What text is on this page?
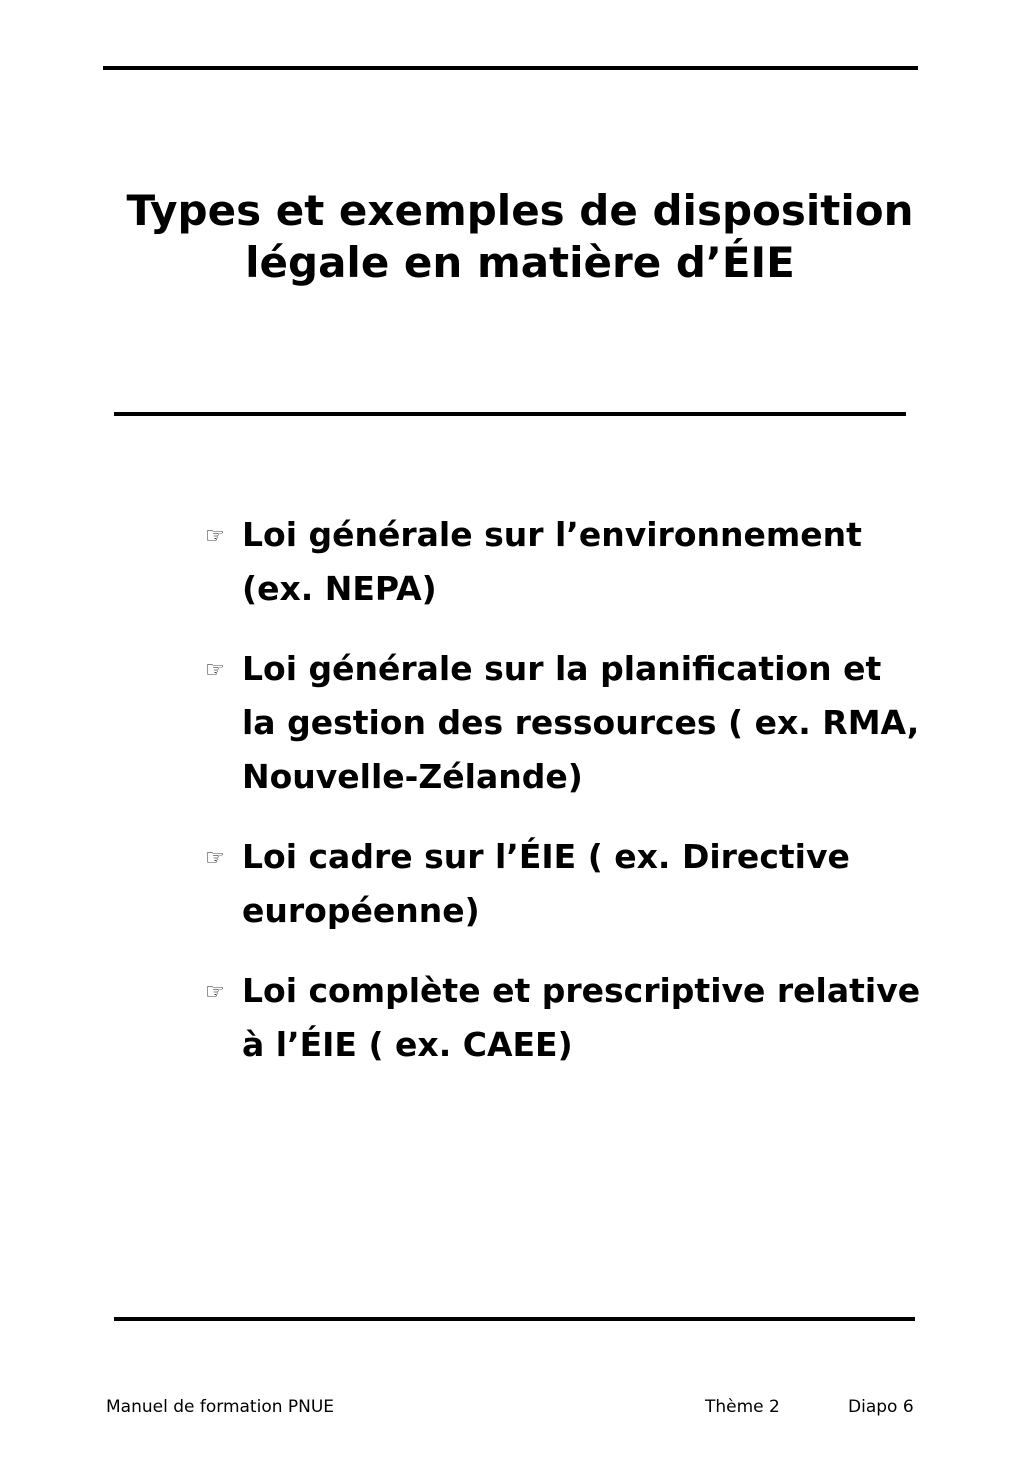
Types et exemples de disposition
légale en matière d’ÉIE
☞ Loi générale sur l’environnement
(ex. NEPA)
☞ Loi générale sur la planification et
la gestion des ressources ( ex. RMA,
Nouvelle-Zélande)
☞ Loi cadre sur l’ÉIE ( ex. Directive
européenne)
☞ Loi complète et prescriptive relative
à l’ÉIE ( ex. CAEE)
Manuel de formation PNUE	Thème 2	Diapo 6
